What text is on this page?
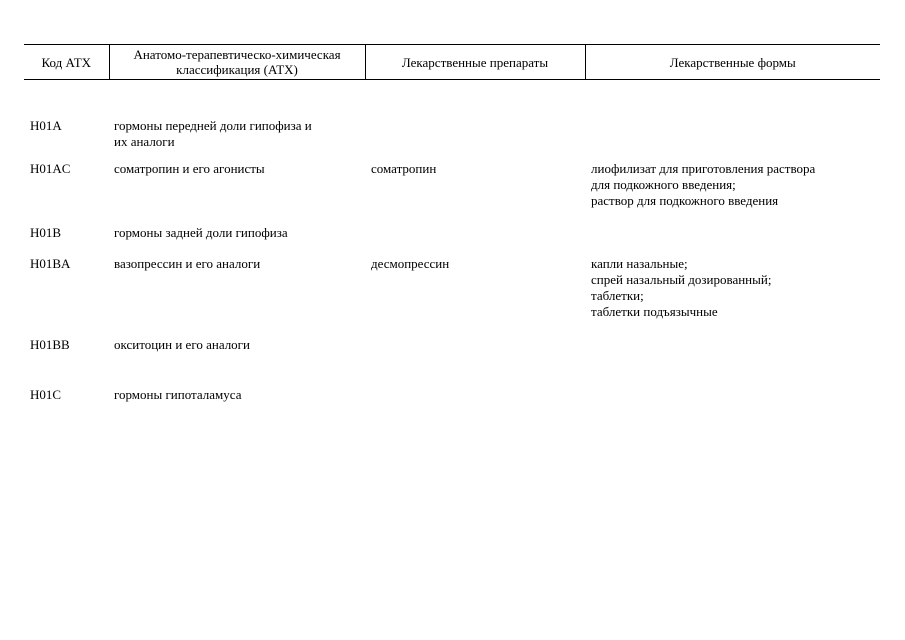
Код АТХ	Анатомо-терапевтическо-химическая классификация (АТХ)	Лекарственные препараты	Лекарственные формы

H01A	гормоны передней доли гипофиза и
их аналоги		
H01AC	соматропин и его агонисты	соматропин	лиофилизат для приготовления раствора
для подкожного введения;
раствор для подкожного введения
H01B	гормоны задней доли гипофиза		
H01BA	вазопрессин и его аналоги	десмопрессин	капли назальные;
спрей назальный дозированный;
таблетки;
таблетки подъязычные
H01BB	окситоцин и его аналоги		
H01C	гормоны гипоталамуса		
